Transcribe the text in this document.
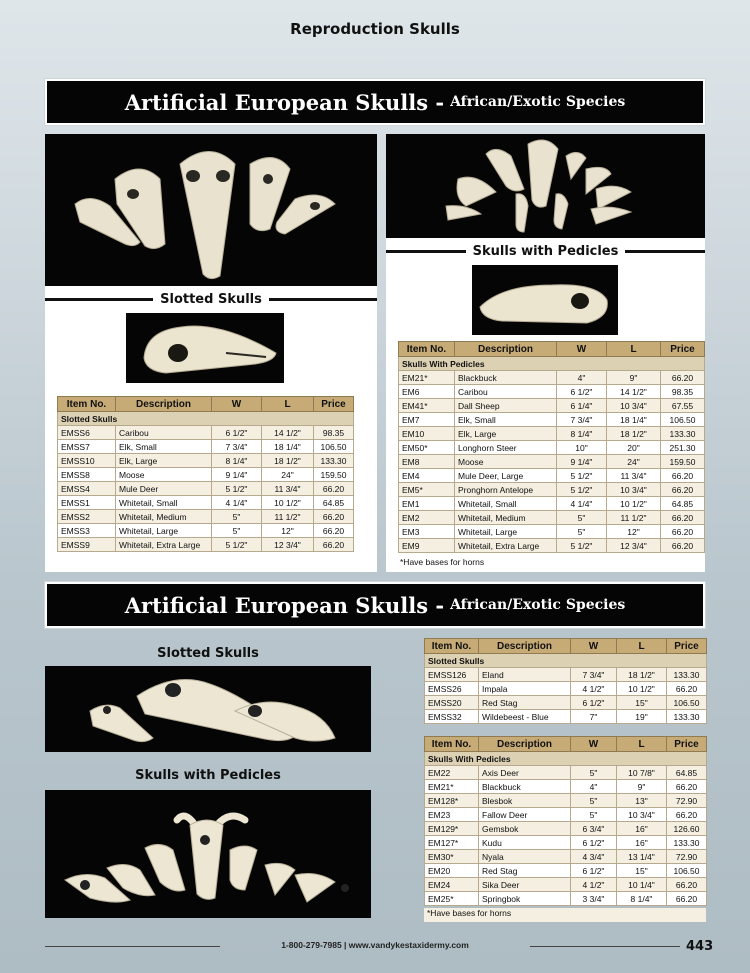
Reproduction Skulls
Artificial European Skulls - African/Exotic Species
Slotted Skulls
Item No.	Description	W	L	Price
Slotted Skulls				
EMSS6	Caribou	6 1/2"	14 1/2"	98.35
EMSS7	Elk, Small	7 3/4"	18 1/4"	106.50
EMSS10	Elk, Large	8 1/4"	18 1/2"	133.30
EMSS8	Moose	9 1/4"	24"	159.50
EMSS4	Mule Deer	5 1/2"	11 3/4"	66.20
EMSS1	Whitetail, Small	4 1/4"	10 1/2"	64.85
EMSS2	Whitetail, Medium	5"	11 1/2"	66.20
EMSS3	Whitetail, Large	5"	12"	66.20
EMSS9	Whitetail, Extra Large	5 1/2"	12 3/4"	66.20
Skulls with Pedicles
Item No.	Description	W	L	Price
Skulls With Pedicles				
EM21*	Blackbuck	4"	9"	66.20
EM6	Caribou	6 1/2"	14 1/2"	98.35
EM41*	Dall Sheep	6 1/4"	10 3/4"	67.55
EM7	Elk, Small	7 3/4"	18 1/4"	106.50
EM10	Elk, Large	8 1/4"	18 1/2"	133.30
EM50*	Longhorn Steer	10"	20"	251.30
EM8	Moose	9 1/4"	24"	159.50
EM4	Mule Deer, Large	5 1/2"	11 3/4"	66.20
EM5*	Pronghorn Antelope	5 1/2"	10 3/4"	66.20
EM1	Whitetail, Small	4 1/4"	10 1/2"	64.85
EM2	Whitetail, Medium	5"	11 1/2"	66.20
EM3	Whitetail, Large	5"	12"	66.20
EM9	Whitetail, Extra Large	5 1/2"	12 3/4"	66.20
*Have bases for horns
Artificial European Skulls - African/Exotic Species
Slotted Skulls
Skulls with Pedicles
Item No.	Description	W	L	Price
Slotted Skulls				
EMSS126	Eland	7 3/4"	18 1/2"	133.30
EMSS26	Impala	4 1/2"	10 1/2"	66.20
EMSS20	Red Stag	6 1/2"	15"	106.50
EMSS32	Wildebeest - Blue	7"	19"	133.30
Item No.	Description	W	L	Price
Skulls With Pedicles				
EM22	Axis Deer	5"	10 7/8"	64.85
EM21*	Blackbuck	4"	9"	66.20
EM128*	Blesbok	5"	13"	72.90
EM23	Fallow Deer	5"	10 3/4"	66.20
EM129*	Gemsbok	6 3/4"	16"	126.60
EM127*	Kudu	6 1/2"	16"	133.30
EM30*	Nyala	4 3/4"	13 1/4"	72.90
EM20	Red Stag	6 1/2"	15"	106.50
EM24	Sika Deer	4 1/2"	10 1/4"	66.20
EM25*	Springbok	3 3/4"	8 1/4"	66.20
*Have bases for horns
1-800-279-7985 | www.vandykestaxidermy.com	443
